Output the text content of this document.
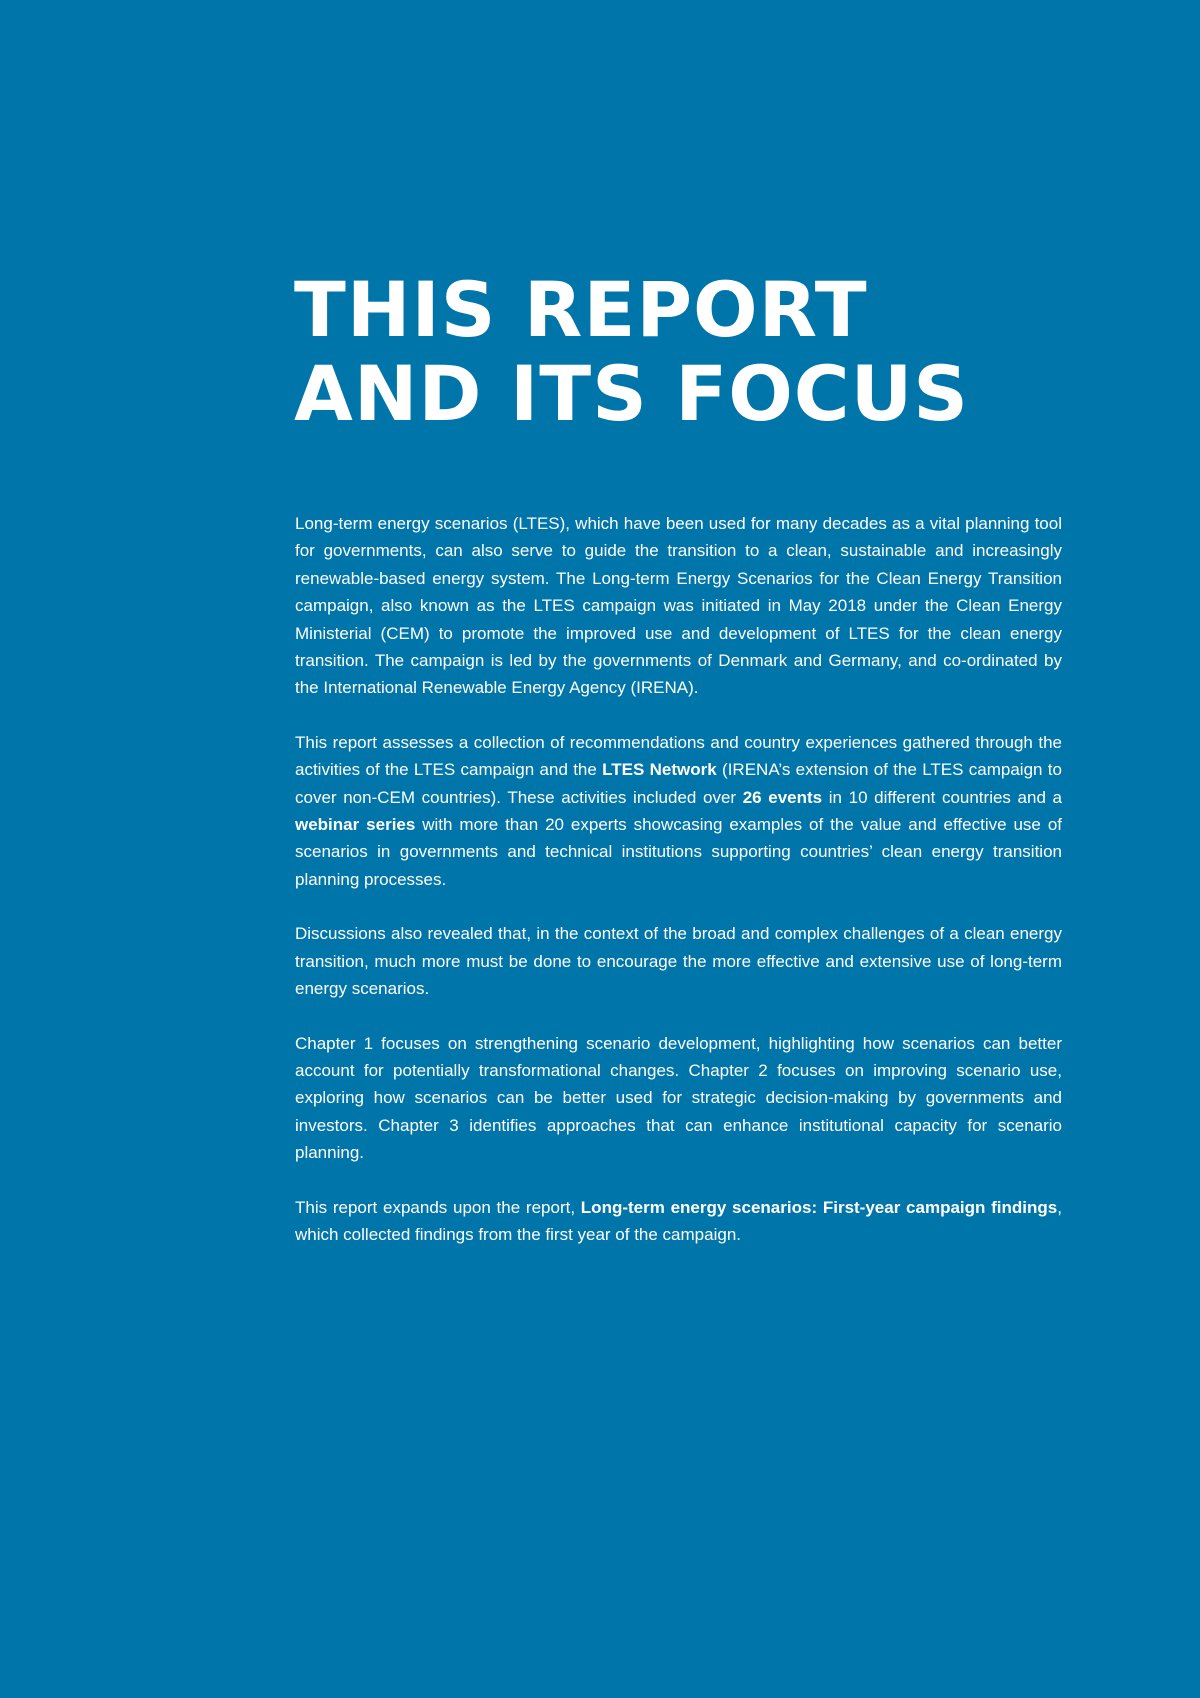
THIS REPORT
AND ITS FOCUS

Long-term energy scenarios (LTES), which have been used for many decades as a vital planning tool for governments, can also serve to guide the transition to a clean, sustainable and increasingly renewable-based energy system. The Long-term Energy Scenarios for the Clean Energy Transition campaign, also known as the LTES campaign was initiated in May 2018 under the Clean Energy Ministerial (CEM) to promote the improved use and development of LTES for the clean energy transition. The campaign is led by the governments of Denmark and Germany, and co-ordinated by the International Renewable Energy Agency (IRENA).

This report assesses a collection of recommendations and country experiences gathered through the activities of the LTES campaign and the LTES Network (IRENA’s extension of the LTES campaign to cover non-CEM countries). These activities included over 26 events in 10 different countries and a webinar series with more than 20 experts showcasing examples of the value and effective use of scenarios in governments and technical institutions supporting countries’ clean energy transition planning processes.

Discussions also revealed that, in the context of the broad and complex challenges of a clean energy transition, much more must be done to encourage the more effective and extensive use of long-term energy scenarios.

Chapter 1 focuses on strengthening scenario development, highlighting how scenarios can better account for potentially transformational changes. Chapter 2 focuses on improving scenario use, exploring how scenarios can be better used for strategic decision-making by governments and investors. Chapter 3 identifies approaches that can enhance institutional capacity for scenario planning.

This report expands upon the report, Long-term energy scenarios: First-year campaign findings, which collected findings from the first year of the campaign.
